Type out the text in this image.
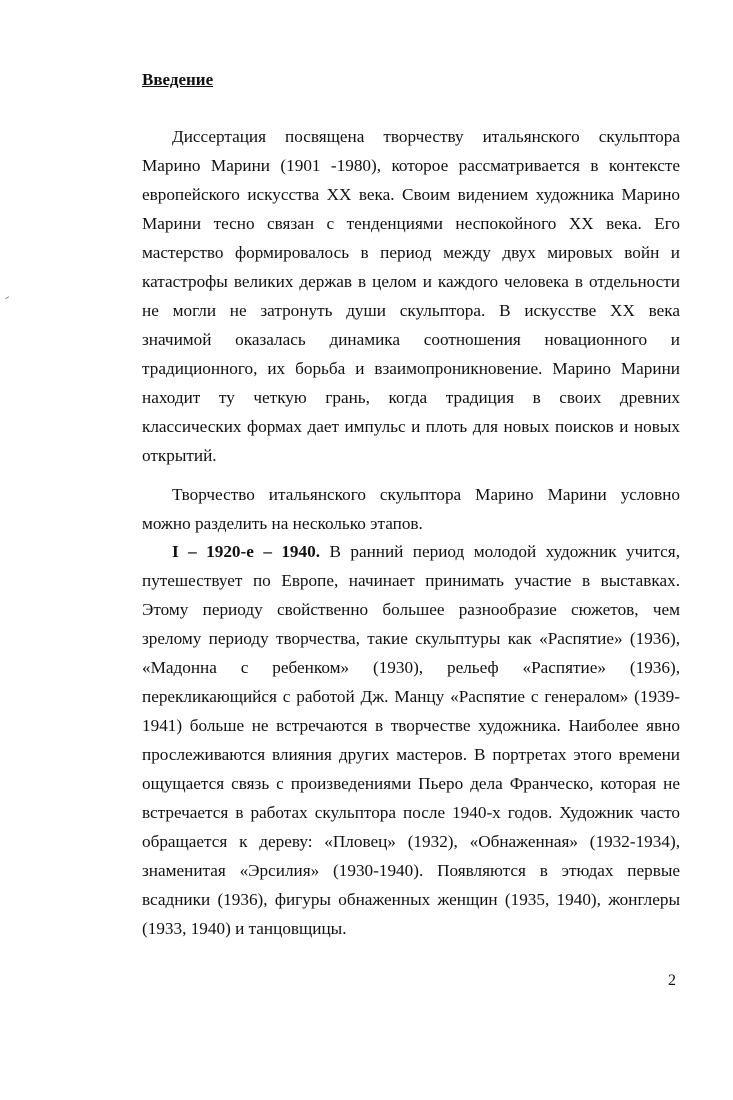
Введение

Диссертация посвящена творчеству итальянского скульптора

Марино Марини (1901 -1980), которое рассматривается в контексте

европейского искусства XX века. Своим видением художника Марино

Марини тесно связан с тенденциями неспокойного XX века. Его

мастерство формировалось в период между двух мировых войн и

катастрофы великих держав в целом и каждого человека в отдельности

не могли не затронуть души скульптора. В искусстве XX века

значимой оказалась динамика соотношения новационного и

традиционного, их борьба и взаимопроникновение. Марино Марини

находит ту четкую грань, когда традиция в своих древних

классических формах дает импульс и плоть для новых поисков и новых

открытий.

Творчество итальянского скульптора Марино Марини условно

можно разделить на несколько этапов.

I – 1920-е – 1940. В ранний период молодой художник учится,

путешествует по Европе, начинает принимать участие в выставках.

Этому периоду свойственно большее разнообразие сюжетов, чем

зрелому периоду творчества, такие скульптуры как «Распятие» (1936),

«Мадонна с ребенком» (1930), рельеф «Распятие» (1936),

перекликающийся с работой Дж. Манцу «Распятие с генералом» (1939-

1941) больше не встречаются в творчестве художника. Наиболее явно

прослеживаются влияния других мастеров. В портретах этого времени

ощущается связь с произведениями Пьеро дела Франческо, которая не

встречается в работах скульптора после 1940-х годов. Художник часто

обращается к дереву: «Пловец» (1932), «Обнаженная» (1932-1934),

знаменитая «Эрсилия» (1930-1940). Появляются в этюдах первые

всадники (1936), фигуры обнаженных женщин (1935, 1940), жонглеры

(1933, 1940) и танцовщицы.

2
